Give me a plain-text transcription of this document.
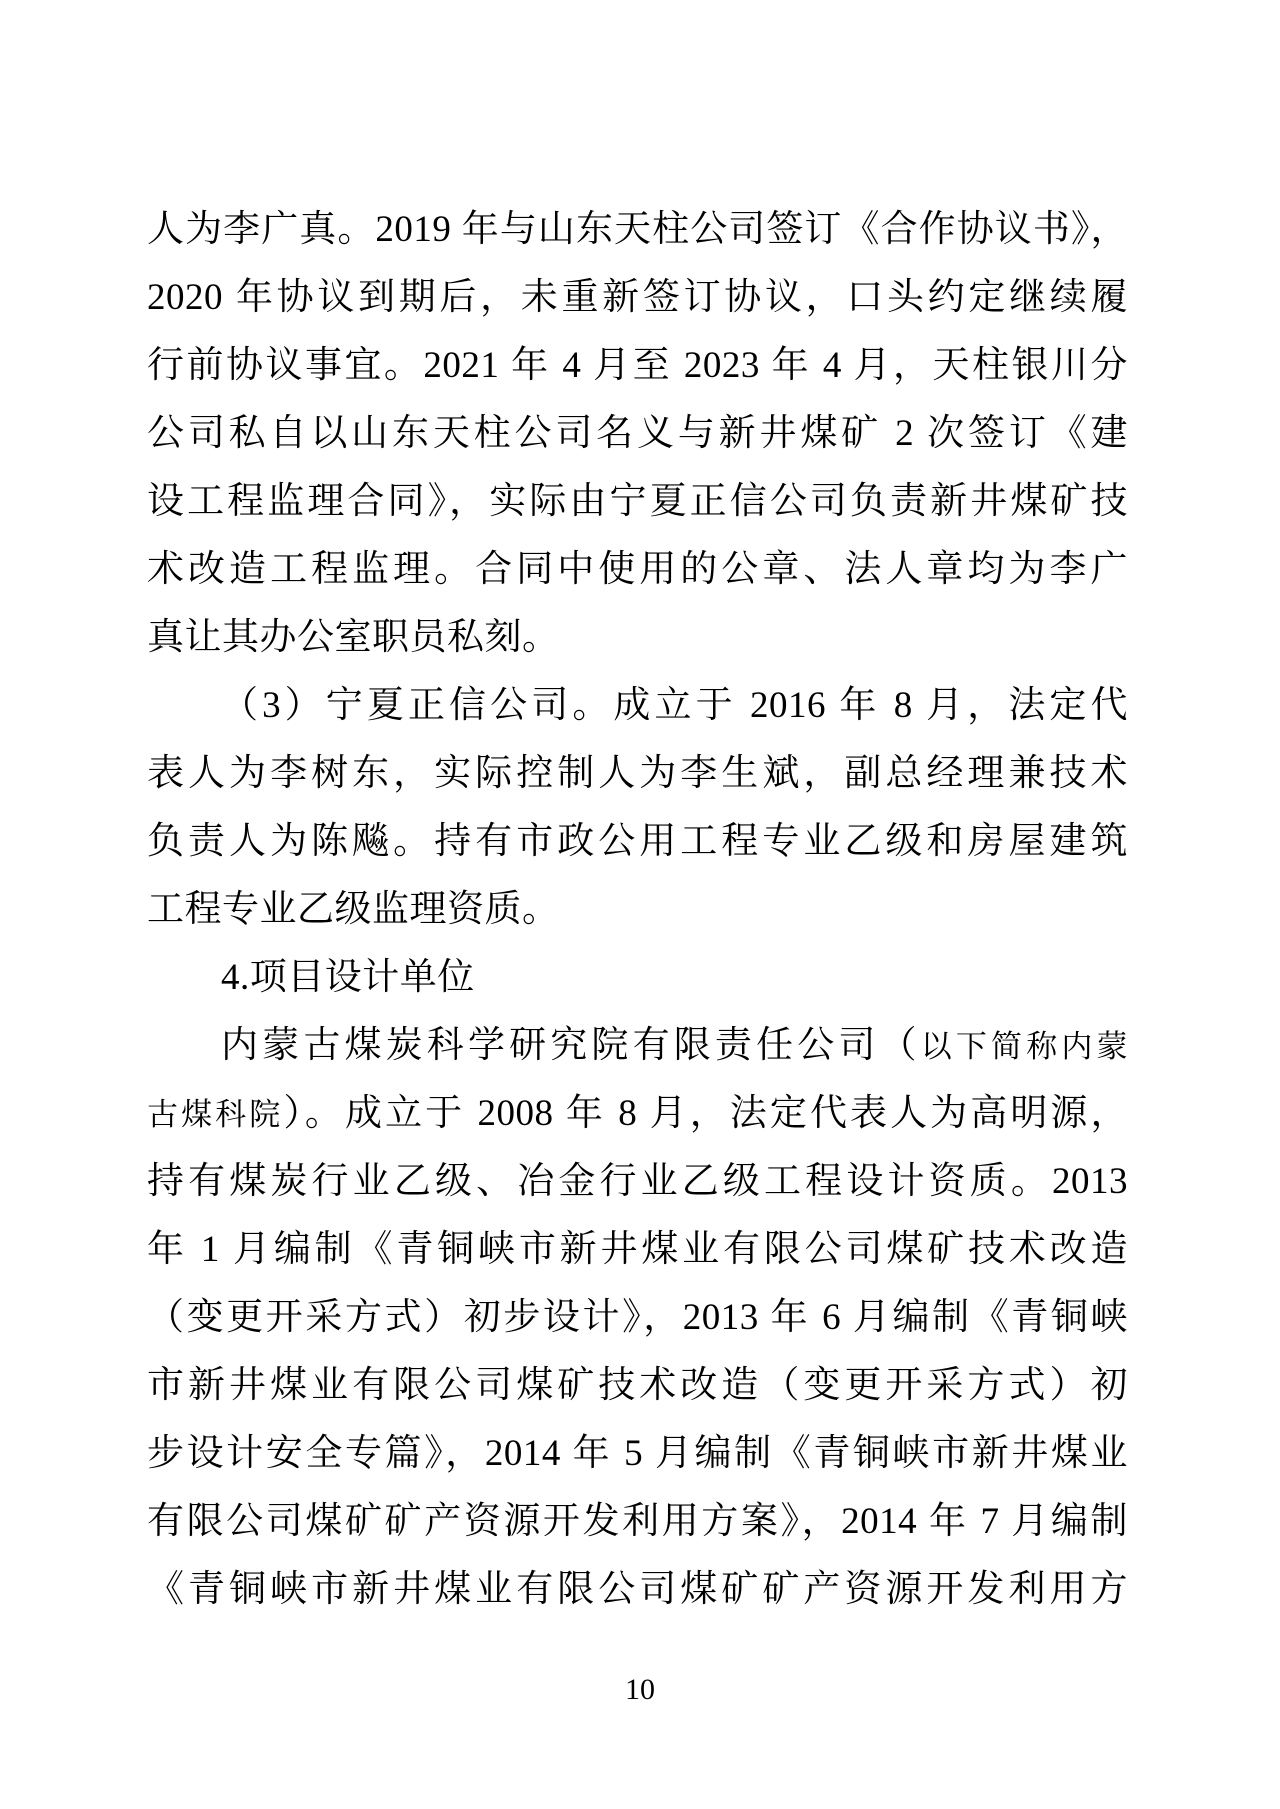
人为李广真。2019 年与山东天柱公司签订《合作协议书》，
2020 年协议到期后，未重新签订协议，口头约定继续履
行前协议事宜。2021 年 4 月至 2023 年 4 月，天柱银川分
公司私自以山东天柱公司名义与新井煤矿 2 次签订《建
设工程监理合同》，实际由宁夏正信公司负责新井煤矿技
术改造工程监理。合同中使用的公章、法人章均为李广
真让其办公室职员私刻。
（3）宁夏正信公司。成立于 2016 年 8 月，法定代
表人为李树东，实际控制人为李生斌，副总经理兼技术
负责人为陈飚。持有市政公用工程专业乙级和房屋建筑
工程专业乙级监理资质。
4.项目设计单位
内蒙古煤炭科学研究院有限责任公司（以下简称内蒙
古煤科院）。成立于 2008 年 8 月，法定代表人为高明源，
持有煤炭行业乙级、冶金行业乙级工程设计资质。2013
年 1 月编制《青铜峡市新井煤业有限公司煤矿技术改造
（变更开采方式）初步设计》，2013 年 6 月编制《青铜峡
市新井煤业有限公司煤矿技术改造（变更开采方式）初
步设计安全专篇》，2014 年 5 月编制《青铜峡市新井煤业
有限公司煤矿矿产资源开发利用方案》，2014 年 7 月编制
《青铜峡市新井煤业有限公司煤矿矿产资源开发利用方
10
